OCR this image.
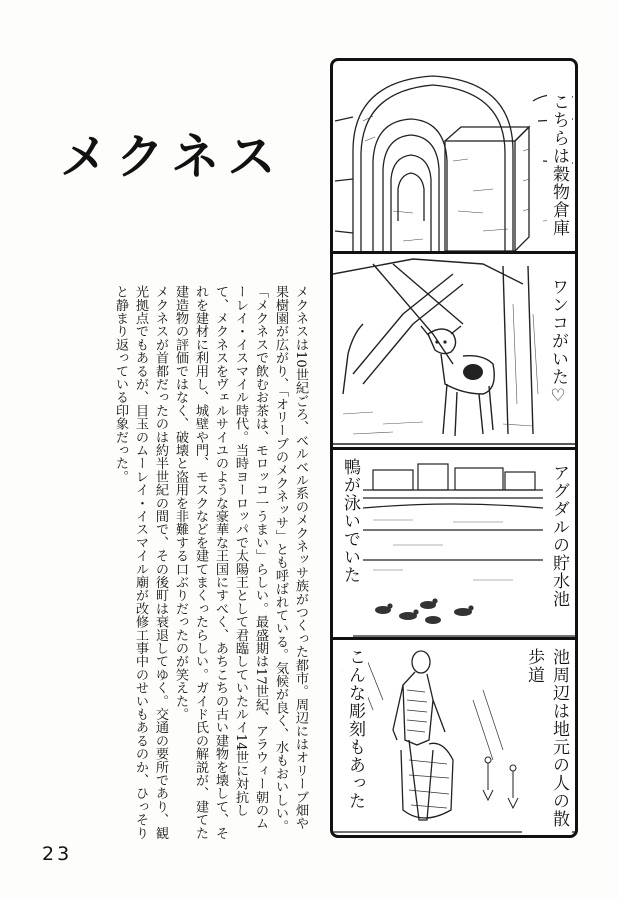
メクネス
メクネスは10世紀ごろ、ベルベル系のメクネッサ族がつくった都市。周辺にはオリーブ畑や果樹園が広がり、「オリーブのメクネッサ」とも呼ばれている。気候が良く、水もおいしい。「メクネスで飲むお茶は、モロッコ一うまい」らしい。最盛期は17世紀、アラウィー朝のムーレイ・イスマイル時代。当時ヨーロッパで太陽王として君臨していたルイ14世に対抗して、メクネスをヴェルサイユのような豪華な王国にすべく、あちこちの古い建物を壊して、それを建材に利用し、城壁や門、モスクなどを建てまくったらしい。ガイド氏の解説が、建てた建造物の評価ではなく、破壊と盗用を非難する口ぶりだったのが笑えた。
メクネスが首都だったのは約半世紀の間で、その後町は衰退してゆく。交通の要所であり、観光拠点でもあるが、目玉のムーレイ・イスマイル廟が改修工事中のせいもあるのか、ひっそりと静まり返っている印象だった。
23
こちらは穀物倉庫
ワンコがいた♡
アグダルの貯水池
鴨が泳いでいた
池周辺は地元の人の散歩道
こんな彫刻もあった
